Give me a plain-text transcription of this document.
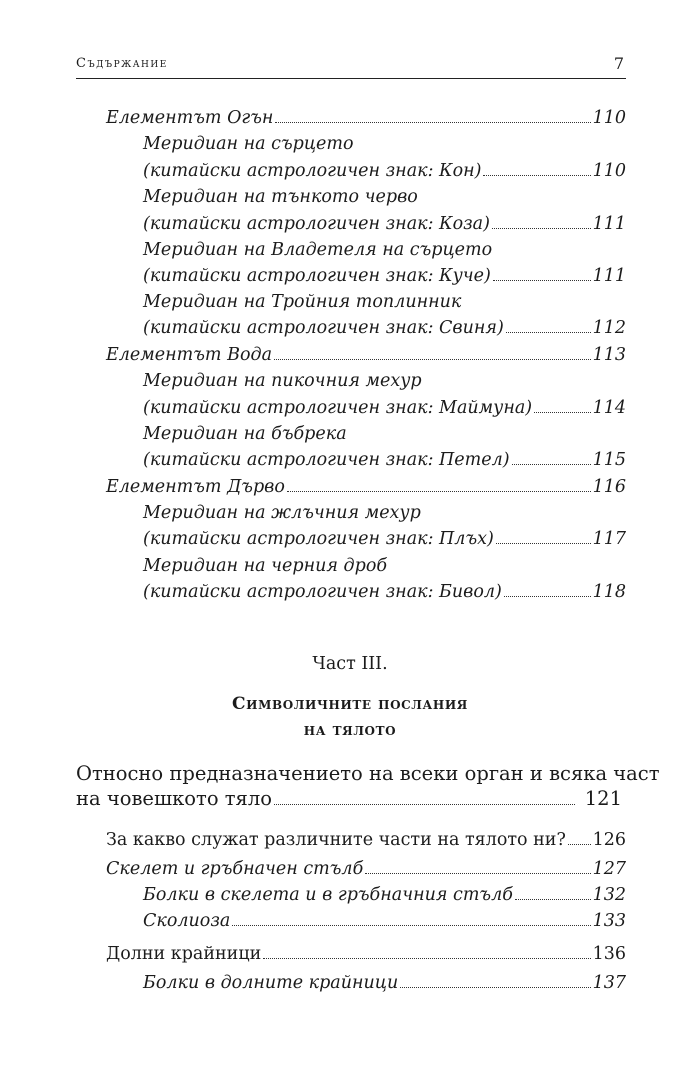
Съдържание	7
Елементът Огън	110
Меридиан на сърцето
(китайски астрологичен знак: Кон)	110
Меридиан на тънкото черво
(китайски астрологичен знак: Коза)	111
Меридиан на Владетеля на сърцето
(китайски астрологичен знак: Куче)	111
Меридиан на Тройния топлинник
(китайски астрологичен знак: Свиня)	112
Елементът Вода	113
Меридиан на пикочния мехур
(китайски астрологичен знак: Маймуна)	114
Меридиан на бъбрека
(китайски астрологичен знак: Петел)	115
Елементът Дърво	116
Меридиан на жлъчния мехур
(китайски астрологичен знак: Плъх)	117
Меридиан на черния дроб
(китайски астрологичен знак: Бивол)	118
Част III.
Символичните послания
на тялото
Относно предназначението на всеки орган и всяка част
на човешкото тяло	121
За какво служат различните части на тялото ни? 126
Скелет и гръбначен стълб	127
Болки в скелета и в гръбначния стълб	132
Сколиоза	133
Долни крайници	136
Болки в долните крайници	137
